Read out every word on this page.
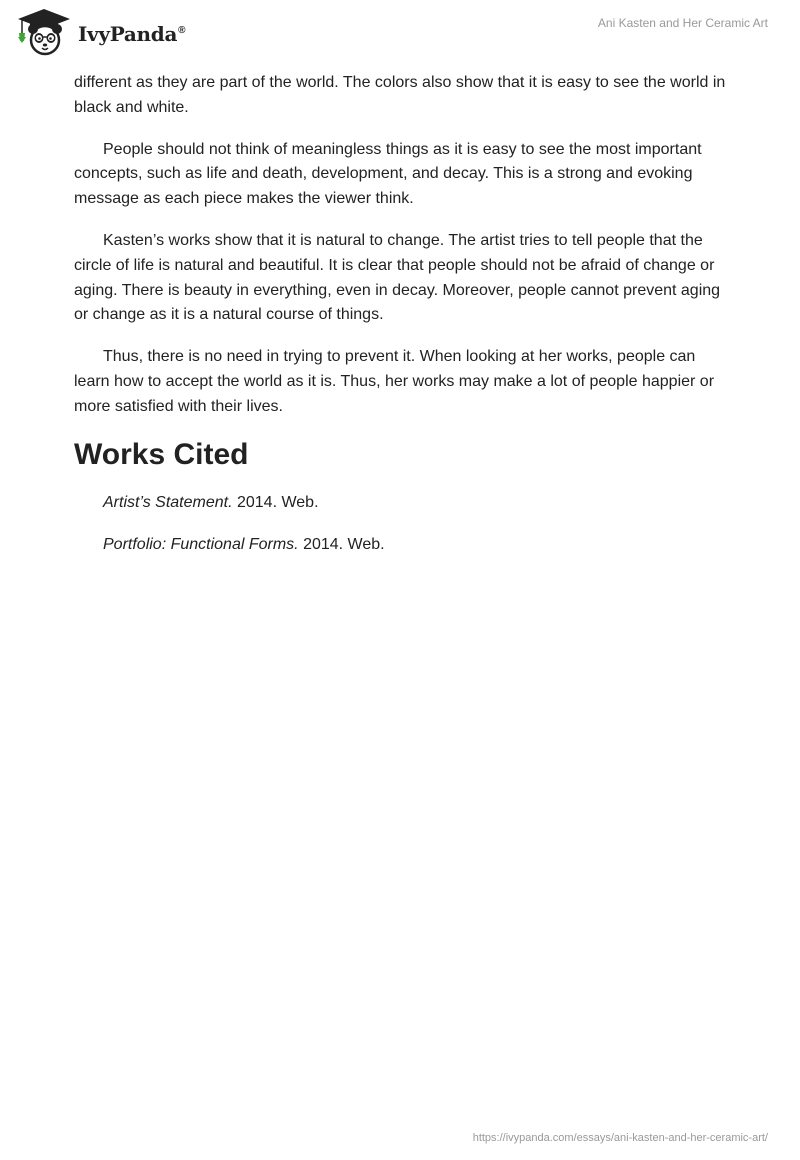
IvyPanda®
Ani Kasten and Her Ceramic Art

different as they are part of the world. The colors also show that it is easy to see the world in black and white.

People should not think of meaningless things as it is easy to see the most important concepts, such as life and death, development, and decay. This is a strong and evoking message as each piece makes the viewer think.

Kasten’s works show that it is natural to change. The artist tries to tell people that the circle of life is natural and beautiful. It is clear that people should not be afraid of change or aging. There is beauty in everything, even in decay. Moreover, people cannot prevent aging or change as it is a natural course of things.

Thus, there is no need in trying to prevent it. When looking at her works, people can learn how to accept the world as it is. Thus, her works may make a lot of people happier or more satisfied with their lives.

Works Cited
Artist’s Statement. 2014. Web.
Portfolio: Functional Forms. 2014. Web.
https://ivypanda.com/essays/ani-kasten-and-her-ceramic-art/
